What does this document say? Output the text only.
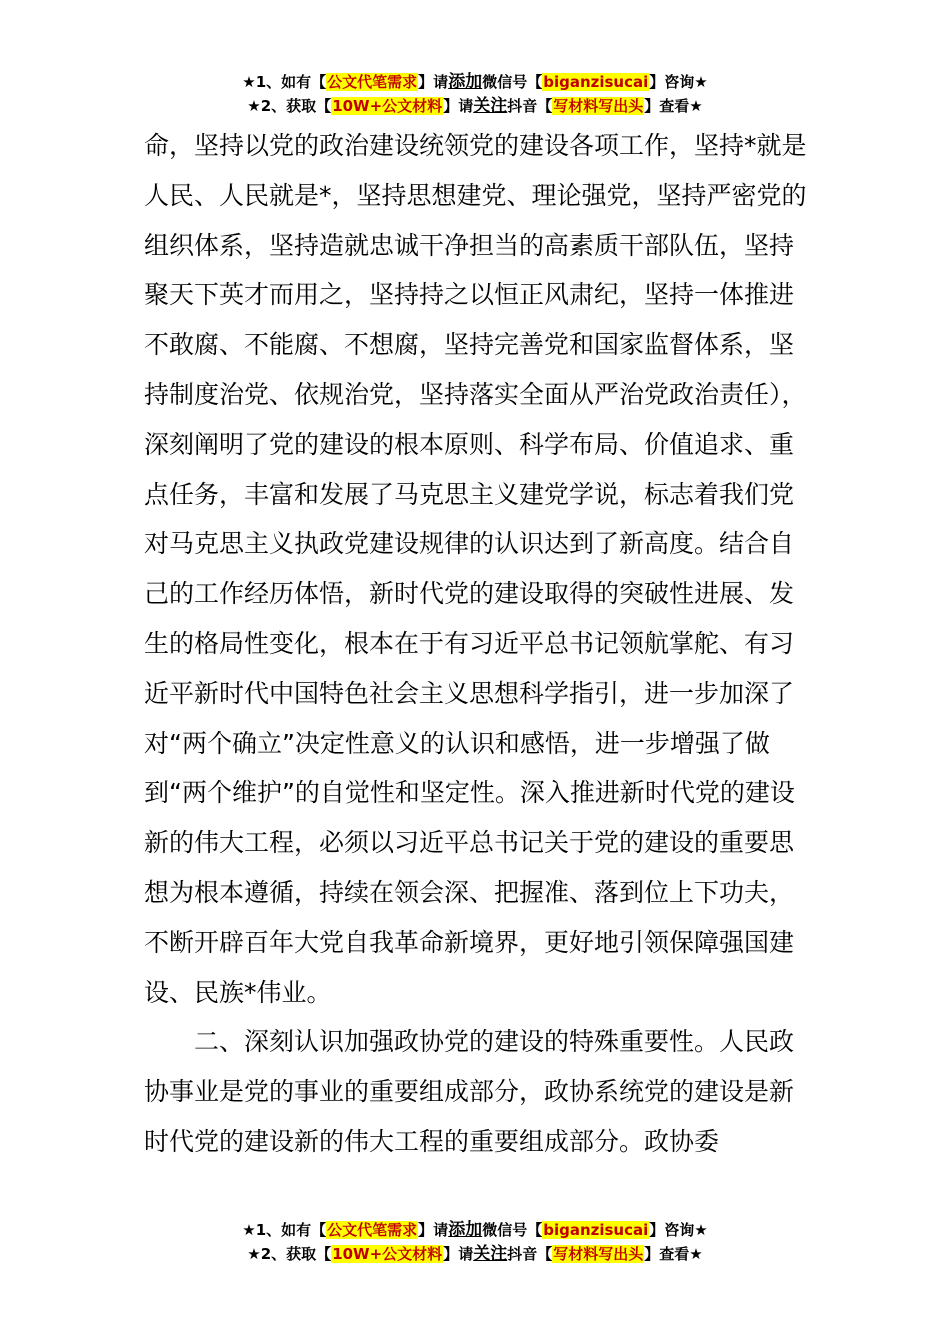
★1、如有【公文代笔需求】请添加微信号【biganzisucai】咨询★
★2、获取【10W+公文材料】请关注抖音【写材料写出头】查看★

命，坚持以党的政治建设统领党的建设各项工作，坚持*就是人民、人民就是*，坚持思想建党、理论强党，坚持严密党的组织体系，坚持造就忠诚干净担当的高素质干部队伍，坚持聚天下英才而用之，坚持持之以恒正风肃纪，坚持一体推进不敢腐、不能腐、不想腐，坚持完善党和国家监督体系，坚持制度治党、依规治党，坚持落实全面从严治党政治责任），深刻阐明了党的建设的根本原则、科学布局、价值追求、重点任务，丰富和发展了马克思主义建党学说，标志着我们党对马克思主义执政党建设规律的认识达到了新高度。结合自己的工作经历体悟，新时代党的建设取得的突破性进展、发生的格局性变化，根本在于有习近平总书记领航掌舵、有习近平新时代中国特色社会主义思想科学指引，进一步加深了对“两个确立”决定性意义的认识和感悟，进一步增强了做到“两个维护”的自觉性和坚定性。深入推进新时代党的建设新的伟大工程，必须以习近平总书记关于党的建设的重要思想为根本遵循，持续在领会深、把握准、落到位上下功夫，不断开辟百年大党自我革命新境界，更好地引领保障强国建设、民族*伟业。

二、深刻认识加强政协党的建设的特殊重要性。人民政协事业是党的事业的重要组成部分，政协系统党的建设是新时代党的建设新的伟大工程的重要组成部分。政协委

★1、如有【公文代笔需求】请添加微信号【biganzisucai】咨询★
★2、获取【10W+公文材料】请关注抖音【写材料写出头】查看★
